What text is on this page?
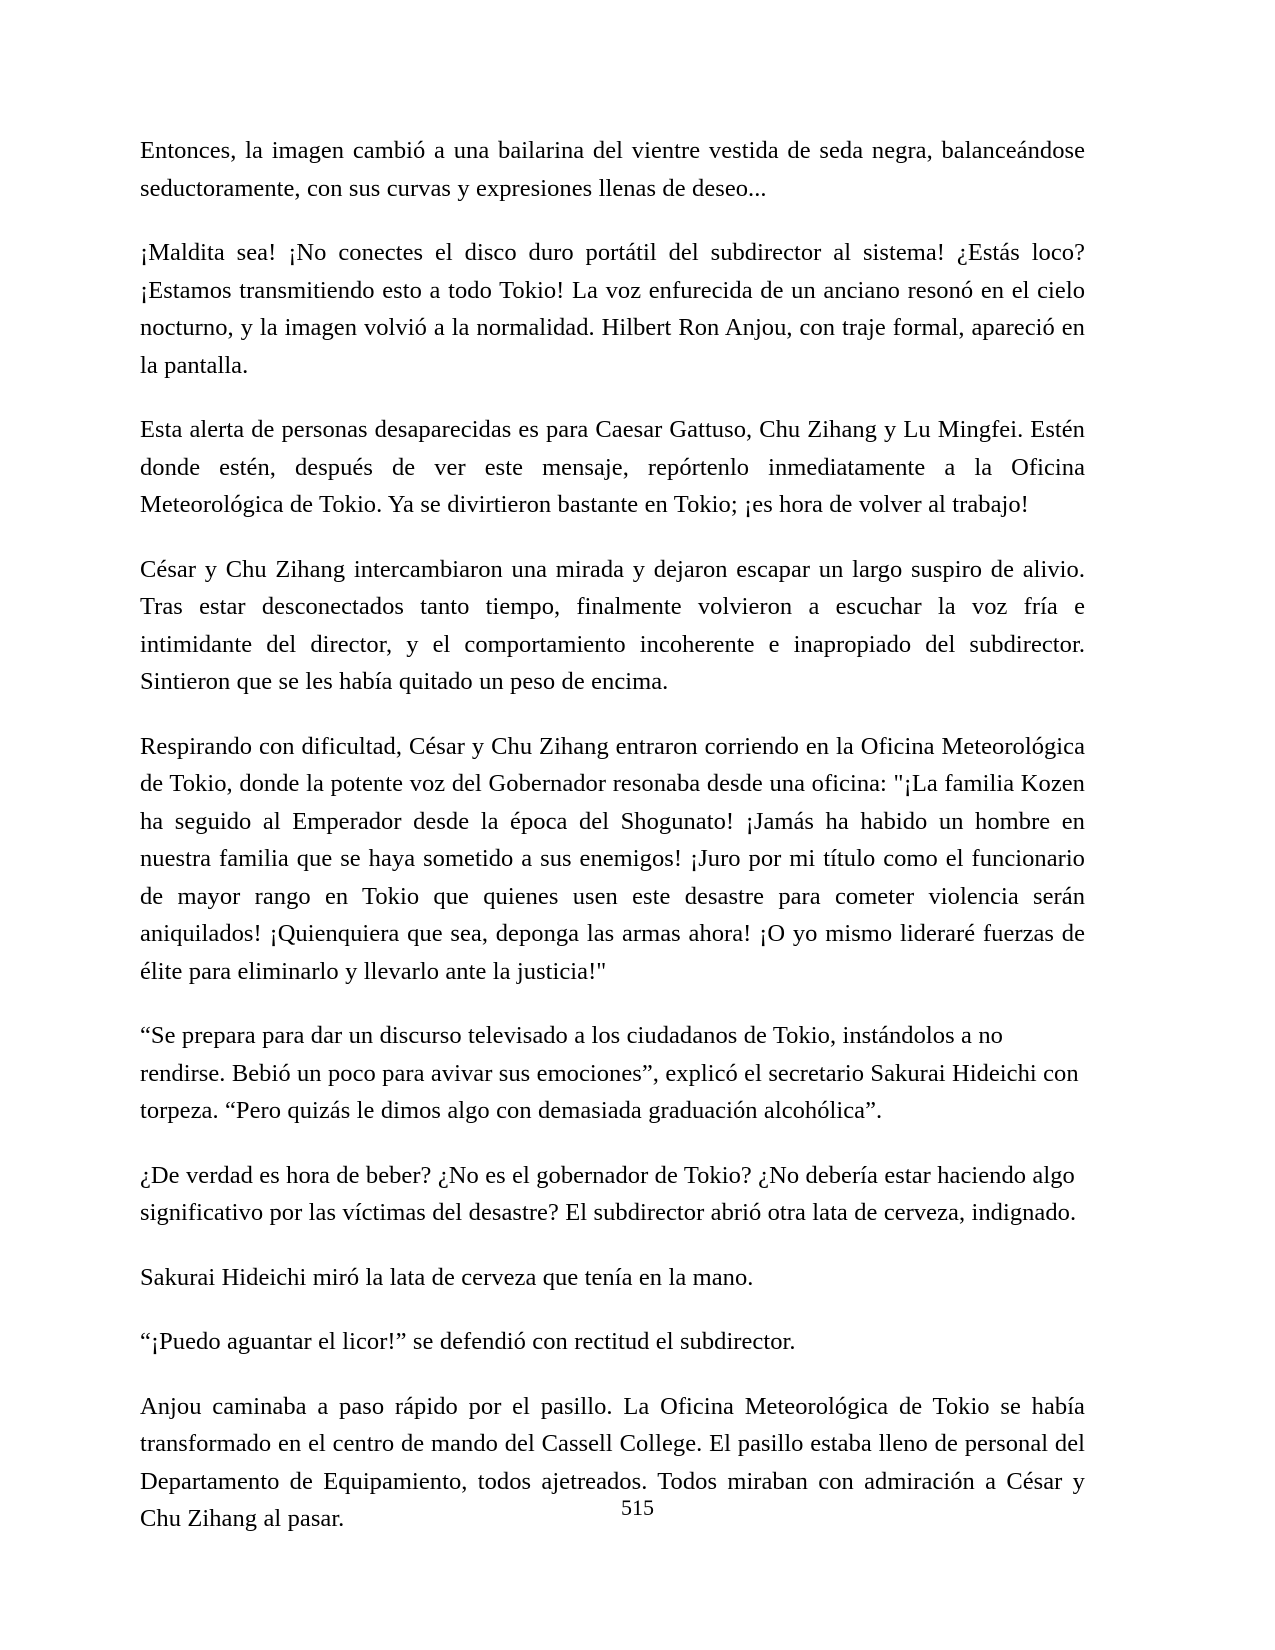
Entonces, la imagen cambió a una bailarina del vientre vestida de seda negra, balanceándose seductoramente, con sus curvas y expresiones llenas de deseo...

¡Maldita sea! ¡No conectes el disco duro portátil del subdirector al sistema! ¿Estás loco? ¡Estamos transmitiendo esto a todo Tokio! La voz enfurecida de un anciano resonó en el cielo nocturno, y la imagen volvió a la normalidad. Hilbert Ron Anjou, con traje formal, apareció en la pantalla.

Esta alerta de personas desaparecidas es para Caesar Gattuso, Chu Zihang y Lu Mingfei. Estén donde estén, después de ver este mensaje, repórtenlo inmediatamente a la Oficina Meteorológica de Tokio. Ya se divirtieron bastante en Tokio; ¡es hora de volver al trabajo!

César y Chu Zihang intercambiaron una mirada y dejaron escapar un largo suspiro de alivio. Tras estar desconectados tanto tiempo, finalmente volvieron a escuchar la voz fría e intimidante del director, y el comportamiento incoherente e inapropiado del subdirector. Sintieron que se les había quitado un peso de encima.

Respirando con dificultad, César y Chu Zihang entraron corriendo en la Oficina Meteorológica de Tokio, donde la potente voz del Gobernador resonaba desde una oficina: "¡La familia Kozen ha seguido al Emperador desde la época del Shogunato! ¡Jamás ha habido un hombre en nuestra familia que se haya sometido a sus enemigos! ¡Juro por mi título como el funcionario de mayor rango en Tokio que quienes usen este desastre para cometer violencia serán aniquilados! ¡Quienquiera que sea, deponga las armas ahora! ¡O yo mismo lideraré fuerzas de élite para eliminarlo y llevarlo ante la justicia!"

“Se prepara para dar un discurso televisado a los ciudadanos de Tokio, instándolos a no rendirse. Bebió un poco para avivar sus emociones”, explicó el secretario Sakurai Hideichi con torpeza. “Pero quizás le dimos algo con demasiada graduación alcohólica”.

¿De verdad es hora de beber? ¿No es el gobernador de Tokio? ¿No debería estar haciendo algo significativo por las víctimas del desastre? El subdirector abrió otra lata de cerveza, indignado.

Sakurai Hideichi miró la lata de cerveza que tenía en la mano.

“¡Puedo aguantar el licor!” se defendió con rectitud el subdirector.

Anjou caminaba a paso rápido por el pasillo. La Oficina Meteorológica de Tokio se había transformado en el centro de mando del Cassell College. El pasillo estaba lleno de personal del Departamento de Equipamiento, todos ajetreados. Todos miraban con admiración a César y Chu Zihang al pasar.	515
